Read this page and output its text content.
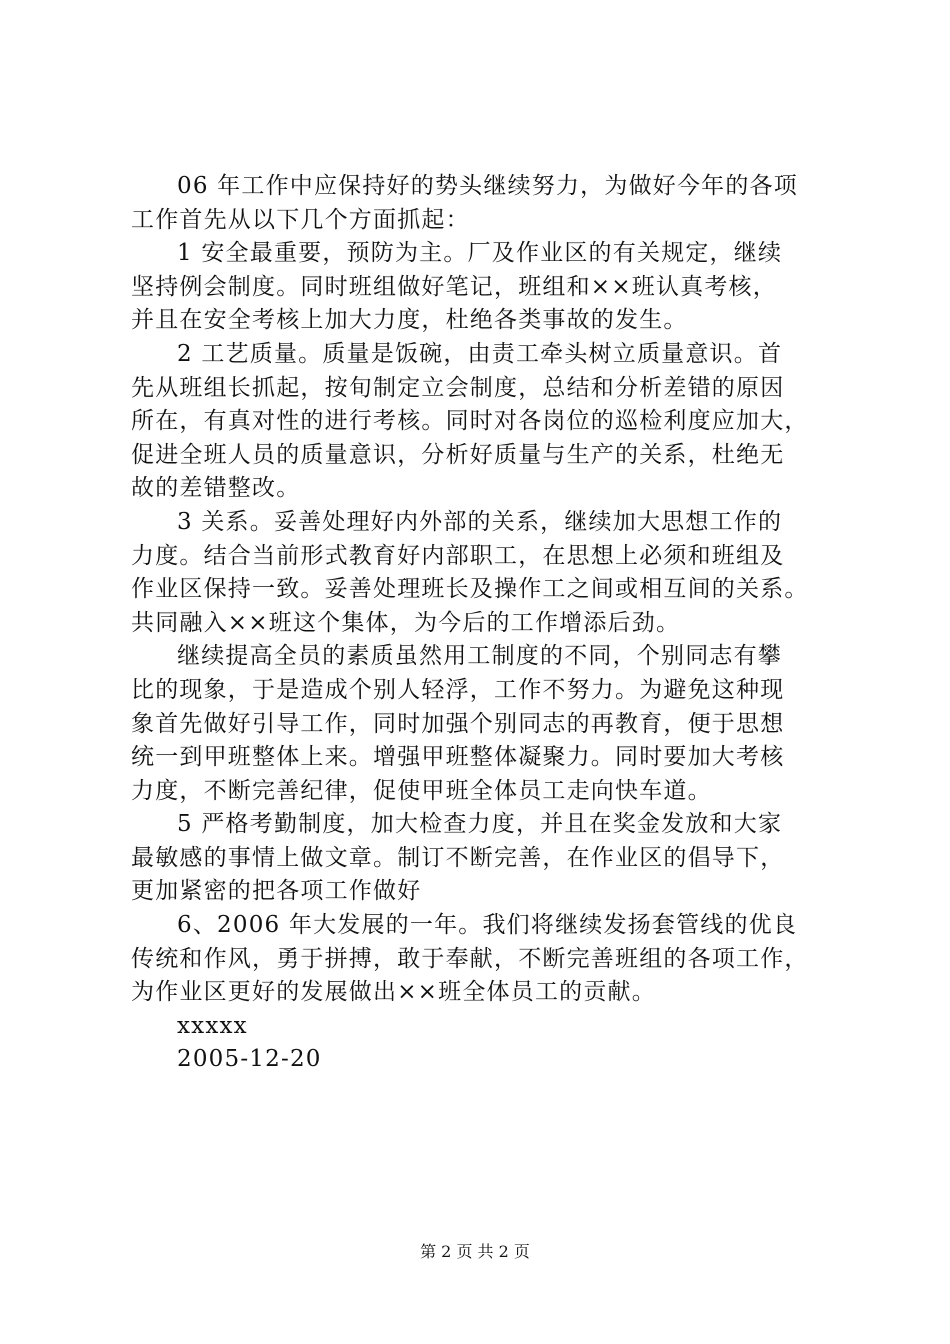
06 年工作中应保持好的势头继续努力，为做好今年的各项
工作首先从以下几个方面抓起：
1 安全最重要，预防为主。厂及作业区的有关规定，继续
坚持例会制度。同时班组做好笔记，班组和××班认真考核，
并且在安全考核上加大力度，杜绝各类事故的发生。
2 工艺质量。质量是饭碗，由责工牵头树立质量意识。首
先从班组长抓起，按旬制定立会制度，总结和分析差错的原因
所在，有真对性的进行考核。同时对各岗位的巡检利度应加大，
促进全班人员的质量意识，分析好质量与生产的关系，杜绝无
故的差错整改。
3 关系。妥善处理好内外部的关系，继续加大思想工作的
力度。结合当前形式教育好内部职工，在思想上必须和班组及
作业区保持一致。妥善处理班长及操作工之间或相互间的关系。
共同融入××班这个集体，为今后的工作增添后劲。
继续提高全员的素质虽然用工制度的不同，个别同志有攀
比的现象，于是造成个别人轻浮，工作不努力。为避免这种现
象首先做好引导工作，同时加强个别同志的再教育，便于思想
统一到甲班整体上来。增强甲班整体凝聚力。同时要加大考核
力度，不断完善纪律，促使甲班全体员工走向快车道。
5 严格考勤制度，加大检查力度，并且在奖金发放和大家
最敏感的事情上做文章。制订不断完善，在作业区的倡导下，
更加紧密的把各项工作做好
6、2006 年大发展的一年。我们将继续发扬套管线的优良
传统和作风，勇于拼搏，敢于奉献，不断完善班组的各项工作，
为作业区更好的发展做出××班全体员工的贡献。
xxxxx
2005-12-20
第 2 页 共 2 页
